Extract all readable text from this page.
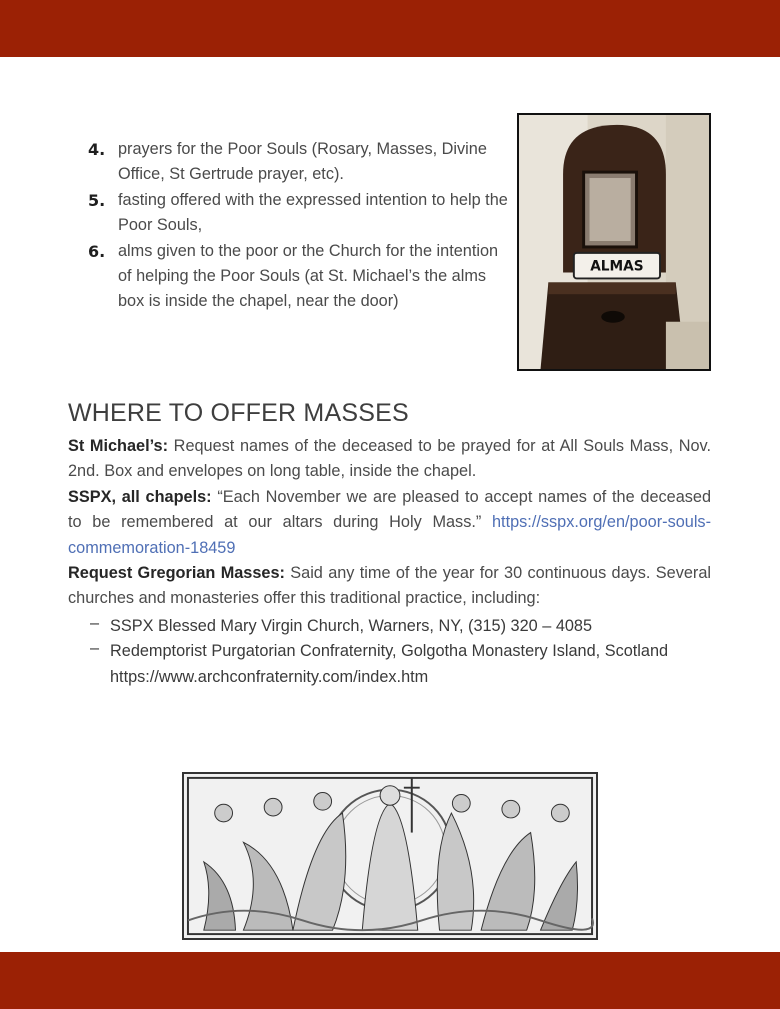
4. prayers for the Poor Souls (Rosary, Masses, Divine Office, St Gertrude prayer, etc).
5. fasting offered with the expressed intention to help the Poor Souls,
6. alms given to the poor or the Church for the intention of helping the Poor Souls (at St. Michael’s the alms box is inside the chapel, near the door)
ALMAS
WHERE TO OFFER MASSES

St Michael’s: Request names of the deceased to be prayed for at All Souls Mass, Nov. 2nd. Box and envelopes on long table, inside the chapel.

SSPX, all chapels: “Each November we are pleased to accept names of the deceased to be remembered at our altars during Holy Mass.” https://sspx.org/en/poor-souls-commemoration-18459

Request Gregorian Masses: Said any time of the year for 30 continuous days. Several churches and monasteries offer this traditional practice, including:

– SSPX Blessed Mary Virgin Church, Warners, NY, (315) 320 – 4085
– Redemptorist Purgatorian Confraternity, Golgotha Monastery Island, Scotland
https://www.archconfraternity.com/index.htm
